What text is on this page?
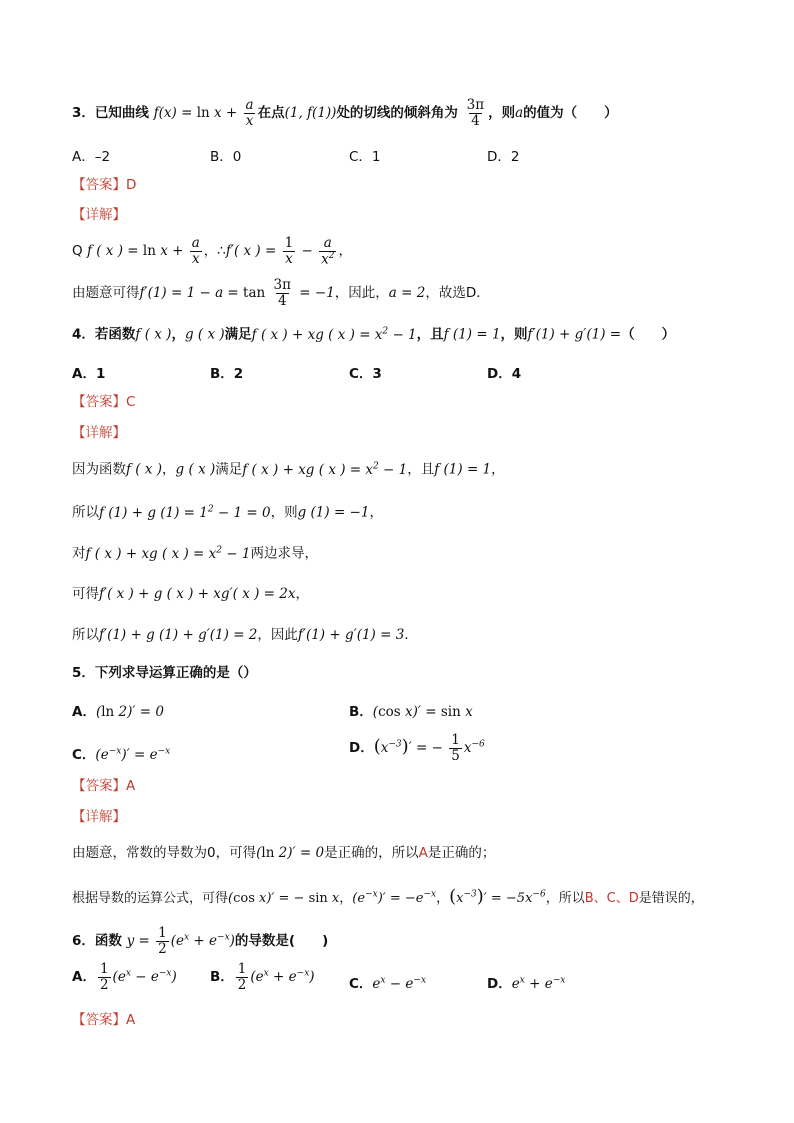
3．已知曲线 $f(x) = \ln x + \frac{a}{x}$ 在点(1, f(1))处的切线的倾斜角为 $\frac{3\pi}{4}$ ，则a的值为（　　）
A．–2	B．0	C．1	D．2
【答案】D
【详解】
Q f ( x ) = $\ln x + \frac{a}{x}$ ，∴f′( x ) = $\frac{1}{x} - \frac{a}{x^2}$ ，
由题意可得$f'(1) = 1 - a = \tan \frac{3\pi}{4} = -1$，因此，a = 2，故选D．
4．若函数f ( x )，g ( x )满足f ( x ) + xg ( x ) = $x^2 - 1$，且f (1) = 1，则f′(1) + g′(1) =（　　）
A．1	B．2	C．3	D．4
【答案】C
【详解】
因为函数f ( x )，g ( x )满足f ( x ) + xg ( x ) = $x^2 - 1$，且f (1) = 1，
所以f (1) + g $(1) = 1^2 - 1 = 0$，则g (1) = −1，
对f ( x ) + xg ( x ) = $x^2 - 1$两边求导，
可得f′( x ) + g ( x ) + xg′( x ) = 2x，
所以f′(1) + g (1) + g′(1) = 2，因此f′(1) + g′(1) = 3．
5．下列求导运算正确的是（）
A．(ln 2)′ = 0	B．(cos x)′ = sin x
C．$(e^{-x})' = e^{-x}$	D．$(x^{-3})'$ = − $\frac{1}{5} x^{-6}$
【答案】A
【详解】
由题意，常数的导数为0，可得(ln 2)′ = 0是正确的，所以A是正确的；
根据导数的运算公式，可得(cos x)′ = − sin x，$(e^{-x})' = -e^{-x}$，$(x^{-3})' = -5x^{-6}$，所以B、C、D是错误的，
6．函数 $y = \frac{1}{2} (e^x + e^{-x})$的导数是(　　)
A． $\frac{1}{2} (e^x - e^{-x})$ B． $\frac{1}{2} (e^x + e^{-x})$	C．$e^x - e^{-x}$	D．$e^x + e^{-x}$
【答案】A
